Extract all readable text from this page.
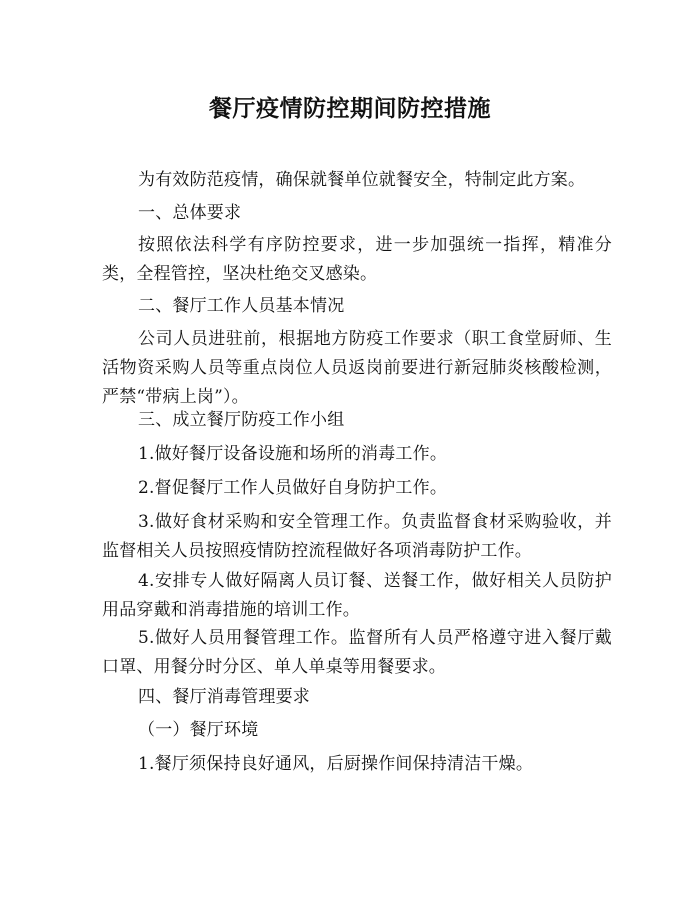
餐厅疫情防控期间防控措施

为有效防范疫情，确保就餐单位就餐安全，特制定此方案。

一、总体要求

按照依法科学有序防控要求，进一步加强统一指挥，精准分类，全程管控，坚决杜绝交叉感染。

二、餐厅工作人员基本情况

公司人员进驻前，根据地方防疫工作要求（职工食堂厨师、生活物资采购人员等重点岗位人员返岗前要进行新冠肺炎核酸检测，严禁“带病上岗”）。

三、成立餐厅防疫工作小组

1.做好餐厅设备设施和场所的消毒工作。

2.督促餐厅工作人员做好自身防护工作。

3.做好食材采购和安全管理工作。负责监督食材采购验收，并监督相关人员按照疫情防控流程做好各项消毒防护工作。

4.安排专人做好隔离人员订餐、送餐工作，做好相关人员防护用品穿戴和消毒措施的培训工作。

5.做好人员用餐管理工作。监督所有人员严格遵守进入餐厅戴口罩、用餐分时分区、单人单桌等用餐要求。

四、餐厅消毒管理要求

（一）餐厅环境

1.餐厅须保持良好通风，后厨操作间保持清洁干燥。
